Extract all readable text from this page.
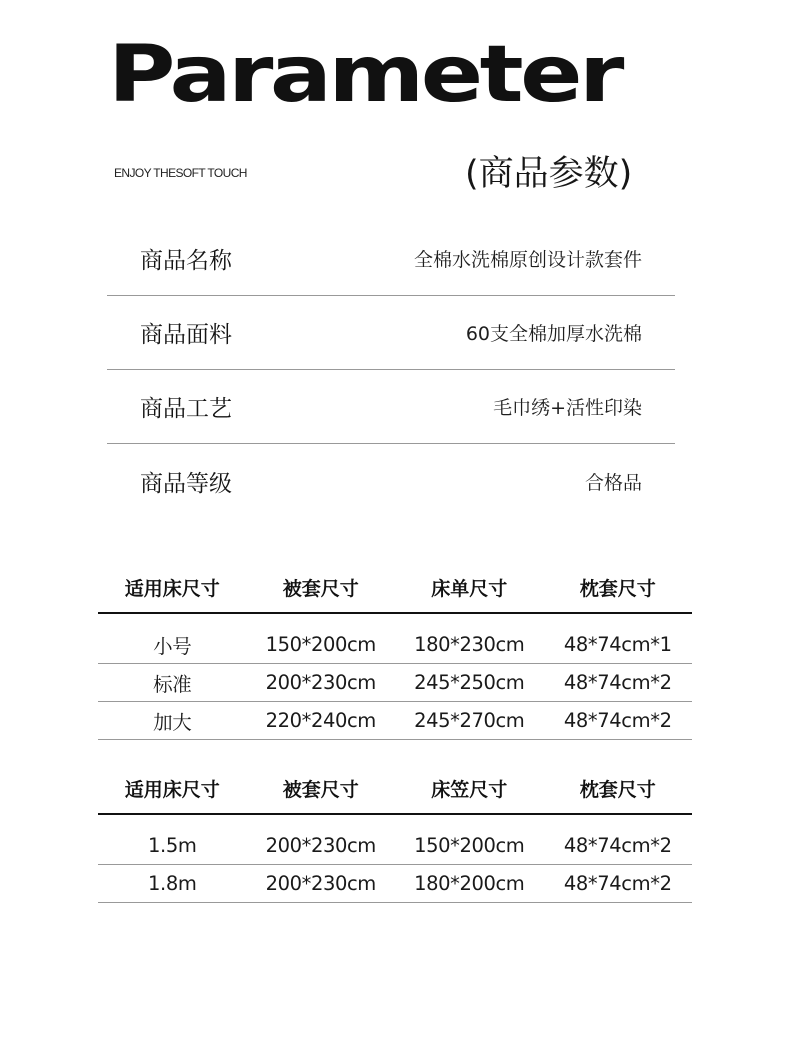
Parameter
ENJOY THESOFT TOUCH	(商品参数)
商品名称	全棉水洗棉原创设计款套件
商品面料	60支全棉加厚水洗棉
商品工艺	毛巾绣+活性印染
商品等级	合格品
适用床尺寸	被套尺寸	床单尺寸	枕套尺寸

小号	150*200cm	180*230cm	48*74cm*1
标准	200*230cm	245*250cm	48*74cm*2
加大	220*240cm	245*270cm	48*74cm*2
适用床尺寸	被套尺寸	床笠尺寸	枕套尺寸

1.5m	200*230cm	150*200cm	48*74cm*2
1.8m	200*230cm	180*200cm	48*74cm*2
